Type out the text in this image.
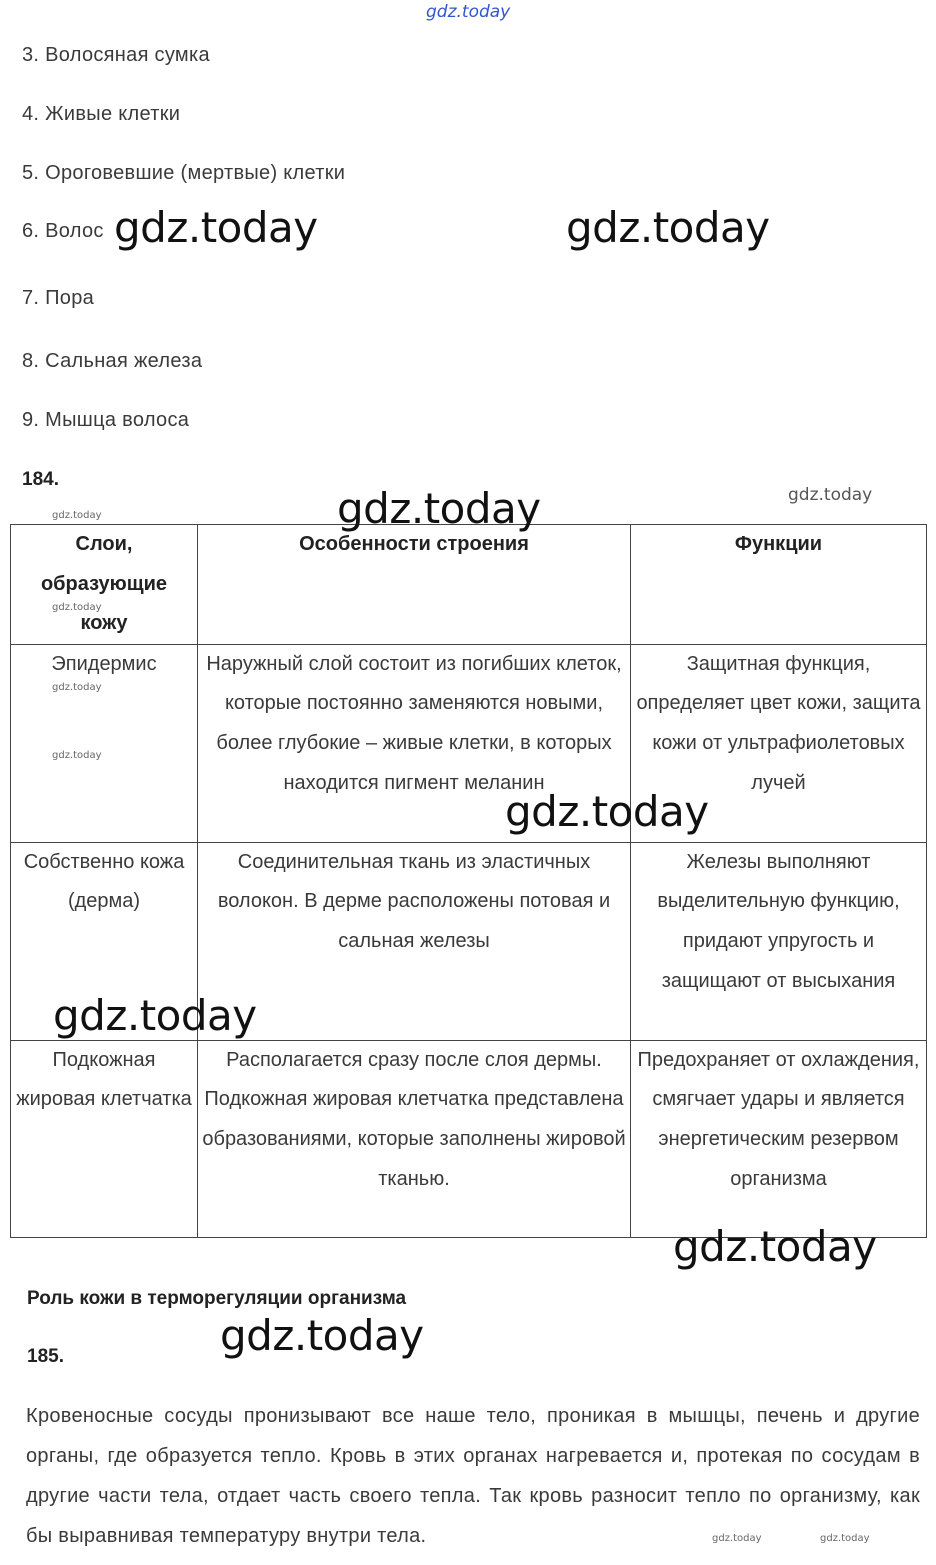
gdz.today
3. Волосяная сумка
4. Живые клетки
5. Ороговевшие (мертвые) клетки
6. Волос
7. Пора
8. Сальная железа
9. Мышца волоса
184.
Слои, образующие кожу	Особенности строения	Функции
Эпидермис	Наружный слой состоит из погибших клеток, которые постоянно заменяются новыми, более глубокие – живые клетки, в которых находится пигмент меланин	Защитная функция, определяет цвет кожи, защита кожи от ультрафиолетовых лучей
Собственно кожа (дерма)	Соединительная ткань из эластичных волокон. В дерме расположены потовая и сальная железы	Железы выполняют выделительную функцию, придают упругость и защищают от высыхания
Подкожная жировая клетчатка	Располагается сразу после слоя дермы. Подкожная жировая клетчатка представлена образованиями, которые заполнены жировой тканью.	Предохраняет от охлаждения, смягчает удары и является энергетическим резервом организма
Роль кожи в терморегуляции организма
185.
Кровеносные сосуды пронизывают все наше тело, проникая в мышцы, печень и другие органы, где образуется тепло. Кровь в этих органах нагревается и, протекая по сосудам в другие части тела, отдает часть своего тепла. Так кровь разносит тепло по организму, как бы выравнивая температуру внутри тела.
gdz.today	gdz.today
gdz.today	gdz.today
gdz.today
gdz.today
gdz.today
gdz.today
gdz.today
gdz.today
gdz.today
gdz.today
gdz.today	gdz.today
